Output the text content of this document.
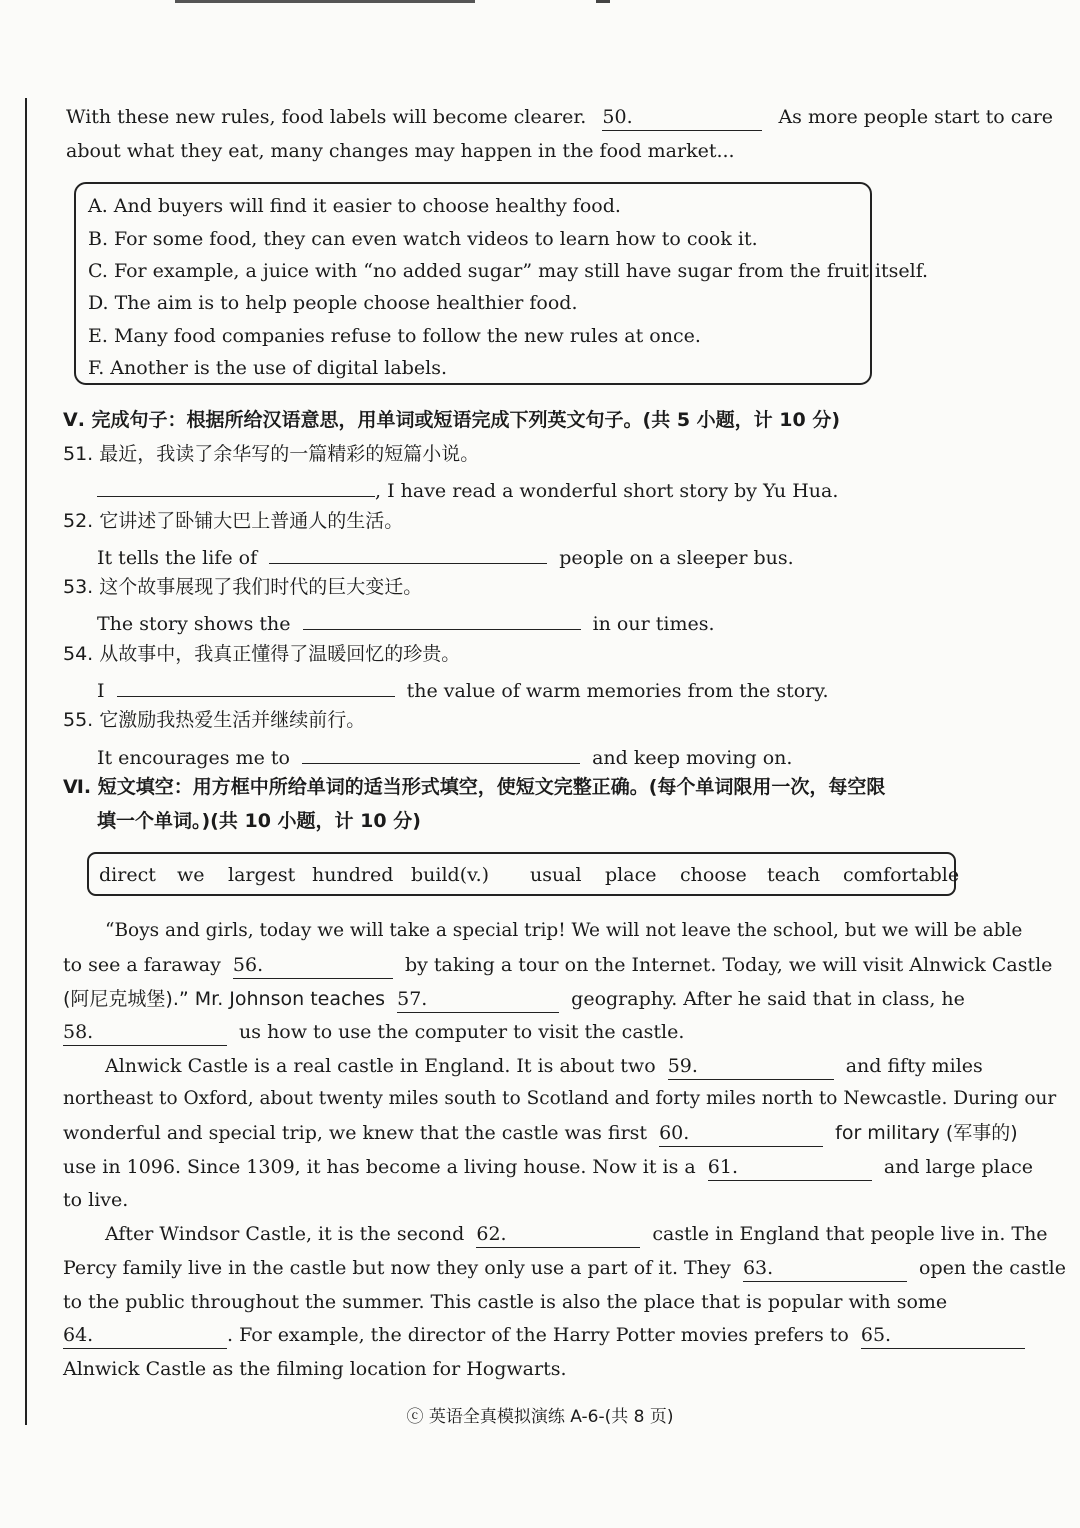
With these new rules, food labels will become clearer. 50.	As more people start to care
about what they eat, many changes may happen in the food market...
A. And buyers will find it easier to choose healthy food.
B. For some food, they can even watch videos to learn how to cook it.
C. For example, a juice with “no added sugar” may still have sugar from the fruit itself.
D. The aim is to help people choose healthier food.
E. Many food companies refuse to follow the new rules at once.
F. Another is the use of digital labels.
Ⅴ. 完成句子：根据所给汉语意思，用单词或短语完成下列英文句子。(共 5 小题，计 10 分)
51. 最近，我读了余华写的一篇精彩的短篇小说。
, I have read a wonderful short story by Yu Hua.
52. 它讲述了卧铺大巴上普通人的生活。
It tells the life of	people on a sleeper bus.
53. 这个故事展现了我们时代的巨大变迁。
The story shows the	in our times.
54. 从故事中，我真正懂得了温暖回忆的珍贵。
I	the value of warm memories from the story.
55. 它激励我热爱生活并继续前行。
It encourages me to	and keep moving on.
Ⅵ. 短文填空：用方框中所给单词的适当形式填空，使短文完整正确。(每个单词限用一次，每空限
填一个单词。)(共 10 小题，计 10 分)
direct we largest hundred build(v.) usual place choose teach comfortable
“Boys and girls, today we will take a special trip! We will not leave the school, but we will be able
to see a faraway 56.	by taking a tour on the Internet. Today, we will visit Alnwick Castle
(阿尼克城堡).” Mr. Johnson teaches 57.	geography. After he said that in class, he
58.	us how to use the computer to visit the castle.
Alnwick Castle is a real castle in England. It is about two 59.	and fifty miles
northeast to Oxford, about twenty miles south to Scotland and forty miles north to Newcastle. During our
wonderful and special trip, we knew that the castle was first 60.	for military (军事的)
use in 1096. Since 1309, it has become a living house. Now it is a 61.	and large place
to live.
After Windsor Castle, it is the second 62.	castle in England that people live in. The
Percy family live in the castle but now they only use a part of it. They 63.	open the castle
to the public throughout the summer. This castle is also the place that is popular with some
64.	. For example, the director of the Harry Potter movies prefers to 65.
Alnwick Castle as the filming location for Hogwarts.
ⓒ 英语全真模拟演练 A-6-(共 8 页)
